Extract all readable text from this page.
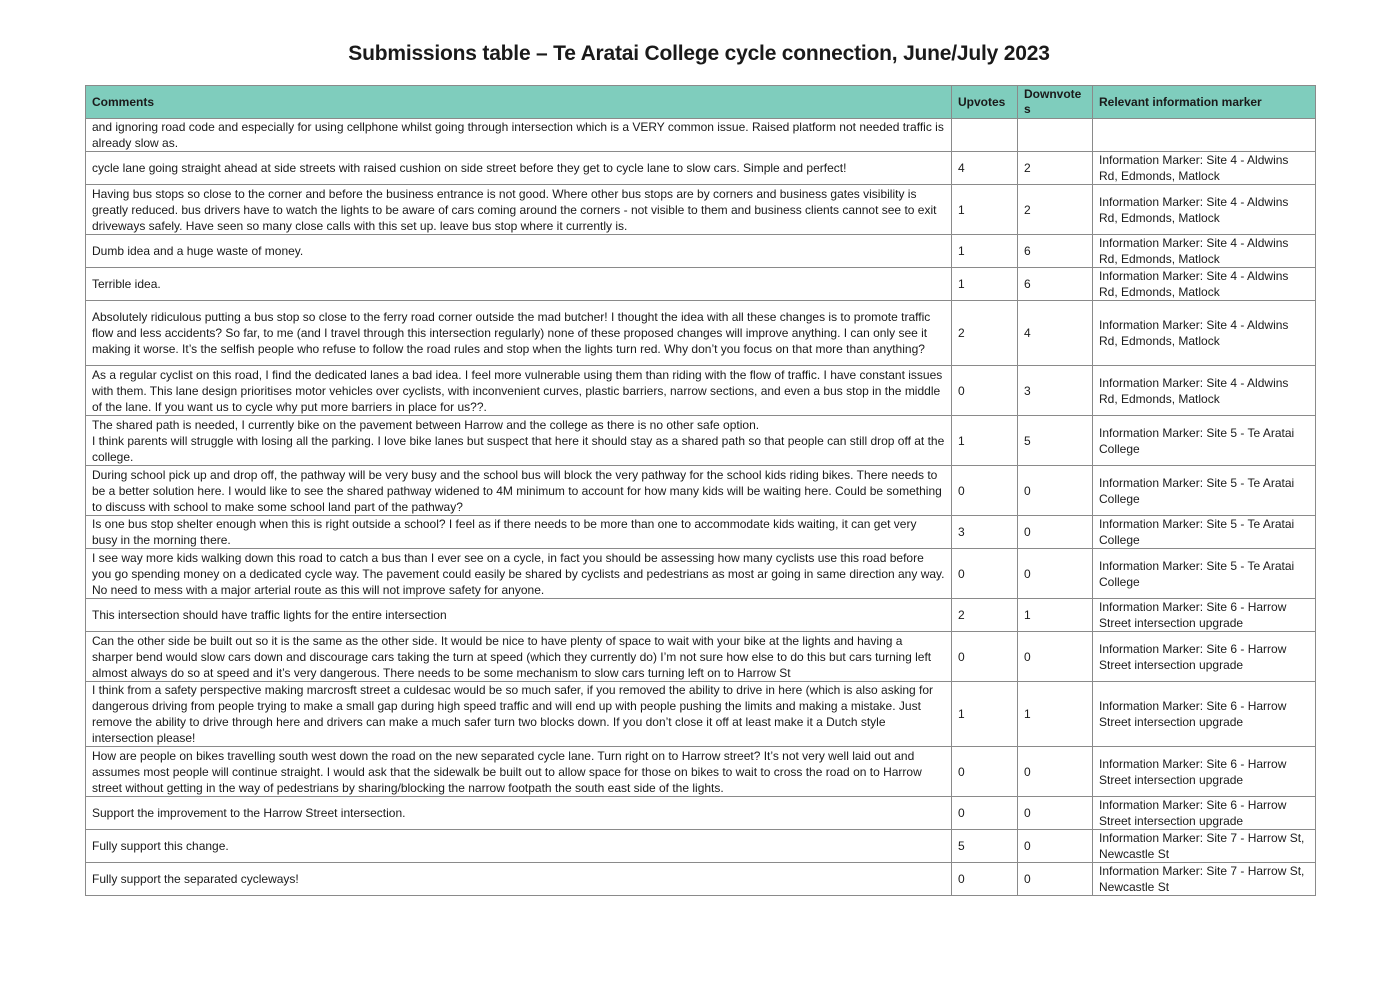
Submissions table – Te Aratai College cycle connection, June/July 2023
Comments	Upvotes	Downvote s	Relevant information marker
and ignoring road code and especially for using cellphone whilst going through intersection which is a VERY common issue. Raised platform not needed traffic is already slow as.			
cycle lane going straight ahead at side streets with raised cushion on side street before they get to cycle lane to slow cars. Simple and perfect!	4	2	Information Marker: Site 4 - Aldwins Rd, Edmonds, Matlock
Having bus stops so close to the corner and before the business entrance is not good. Where other bus stops are by corners and business gates visibility is greatly reduced. bus drivers have to watch the lights to be aware of cars coming around the corners - not visible to them and business clients cannot see to exit driveways safely. Have seen so many close calls with this set up. leave bus stop where it currently is.	1	2	Information Marker: Site 4 - Aldwins Rd, Edmonds, Matlock
Dumb idea and a huge waste of money.	1	6	Information Marker: Site 4 - Aldwins Rd, Edmonds, Matlock
Terrible idea.	1	6	Information Marker: Site 4 - Aldwins Rd, Edmonds, Matlock
Absolutely ridiculous putting a bus stop so close to the ferry road corner outside the mad butcher! I thought the idea with all these changes is to promote traffic flow and less accidents? So far, to me (and I travel through this intersection regularly) none of these proposed changes will improve anything. I can only see it making it worse. It’s the selfish people who refuse to follow the road rules and stop when the lights turn red. Why don’t you focus on that more than anything?	2	4	Information Marker: Site 4 - Aldwins Rd, Edmonds, Matlock
As a regular cyclist on this road, I find the dedicated lanes a bad idea. I feel more vulnerable using them than riding with the flow of traffic. I have constant issues with them. This lane design prioritises motor vehicles over cyclists, with inconvenient curves, plastic barriers, narrow sections, and even a bus stop in the middle of the lane. If you want us to cycle why put more barriers in place for us??.	0	3	Information Marker: Site 4 - Aldwins Rd, Edmonds, Matlock

The shared path is needed, I currently bike on the pavement between Harrow and the college as there is no other safe option.
I think parents will struggle with losing all the parking. I love bike lanes but suspect that here it should stay as a shared path so that people can still drop off at the college.	1	5	Information Marker: Site 5 - Te Aratai College
During school pick up and drop off, the pathway will be very busy and the school bus will block the very pathway for the school kids riding bikes. There needs to be a better solution here. I would like to see the shared pathway widened to 4M minimum to account for how many kids will be waiting here. Could be something to discuss with school to make some school land part of the pathway?	0	0	Information Marker: Site 5 - Te Aratai College
Is one bus stop shelter enough when this is right outside a school? I feel as if there needs to be more than one to accommodate kids waiting, it can get very busy in the morning there.	3	0	Information Marker: Site 5 - Te Aratai College
I see way more kids walking down this road to catch a bus than I ever see on a cycle, in fact you should be assessing how many cyclists use this road before you go spending money on a dedicated cycle way. The pavement could easily be shared by cyclists and pedestrians as most ar going in same direction any way. No need to mess with a major arterial route as this will not improve safety for anyone.	0	0	Information Marker: Site 5 - Te Aratai College
This intersection should have traffic lights for the entire intersection	2	1	Information Marker: Site 6 - Harrow Street intersection upgrade
Can the other side be built out so it is the same as the other side. It would be nice to have plenty of space to wait with your bike at the lights and having a sharper bend would slow cars down and discourage cars taking the turn at speed (which they currently do) I’m not sure how else to do this but cars turning left almost always do so at speed and it’s very dangerous. There needs to be some mechanism to slow cars turning left on to Harrow St	0	0	Information Marker: Site 6 - Harrow Street intersection upgrade
I think from a safety perspective making marcrosft street a culdesac would be so much safer, if you removed the ability to drive in here (which is also asking for dangerous driving from people trying to make a small gap during high speed traffic and will end up with people pushing the limits and making a mistake. Just remove the ability to drive through here and drivers can make a much safer turn two blocks down. If you don’t close it off at least make it a Dutch style intersection please!	1	1	Information Marker: Site 6 - Harrow Street intersection upgrade
How are people on bikes travelling south west down the road on the new separated cycle lane. Turn right on to Harrow street? It’s not very well laid out and assumes most people will continue straight. I would ask that the sidewalk be built out to allow space for those on bikes to wait to cross the road on to Harrow street without getting in the way of pedestrians by sharing/blocking the narrow footpath the south east side of the lights.	0	0	Information Marker: Site 6 - Harrow Street intersection upgrade
Support the improvement to the Harrow Street intersection.	0	0	Information Marker: Site 6 - Harrow Street intersection upgrade
Fully support this change.	5	0	Information Marker: Site 7 - Harrow St, Newcastle St
Fully support the separated cycleways!	0	0	Information Marker: Site 7 - Harrow St, Newcastle St
